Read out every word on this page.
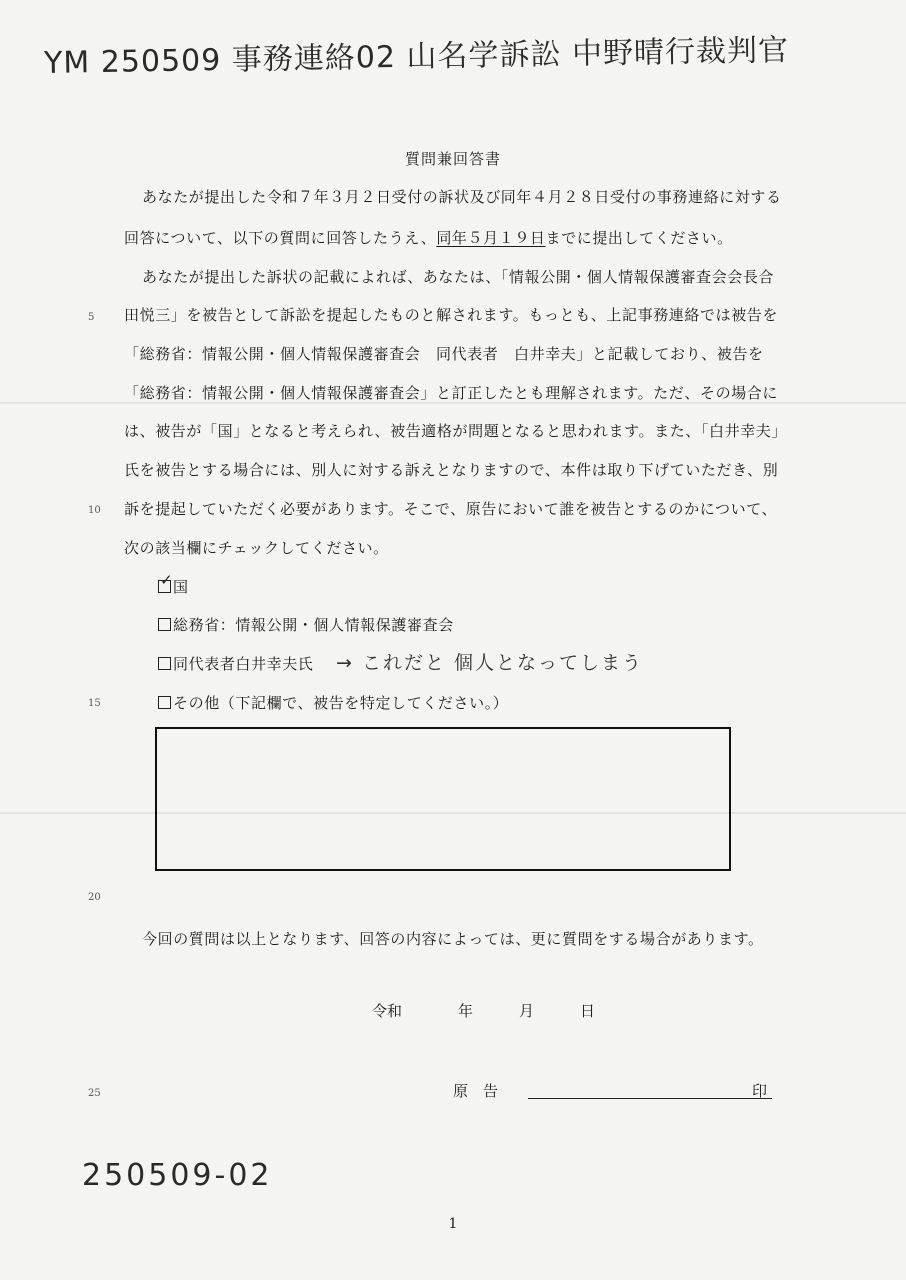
YM 250509 事務連絡02 山名学訴訟 中野晴行裁判官
質問兼回答書
あなたが提出した令和７年３月２日受付の訴状及び同年４月２８日受付の事務連絡に対する
回答について、以下の質問に回答したうえ、同年５月１９日までに提出してください。
あなたが提出した訴状の記載によれば、あなたは、「情報公開・個人情報保護審査会会長合
田悦三」を被告として訴訟を提起したものと解されます。もっとも、上記事務連絡では被告を
「総務省：情報公開・個人情報保護審査会　同代表者　白井幸夫」と記載しており、被告を
「総務省：情報公開・個人情報保護審査会」と訂正したとも理解されます。ただ、その場合に
は、被告が「国」となると考えられ、被告適格が問題となると思われます。また、「白井幸夫」
氏を被告とする場合には、別人に対する訴えとなりますので、本件は取り下げていただき、別
訴を提起していただく必要があります。そこで、原告において誰を被告とするのかについて、
次の該当欄にチェックしてください。
5
10
15
20
25
✓ 国
総務省：情報公開・個人情報保護審査会
同代表者白井幸夫氏
その他（下記欄で、被告を特定してください。）
→ これだと 個人となってしまう
今回の質問は以上となります、回答の内容によっては、更に質問をする場合があります。
令和	年	月	日
原　告	印
250509-02
1
